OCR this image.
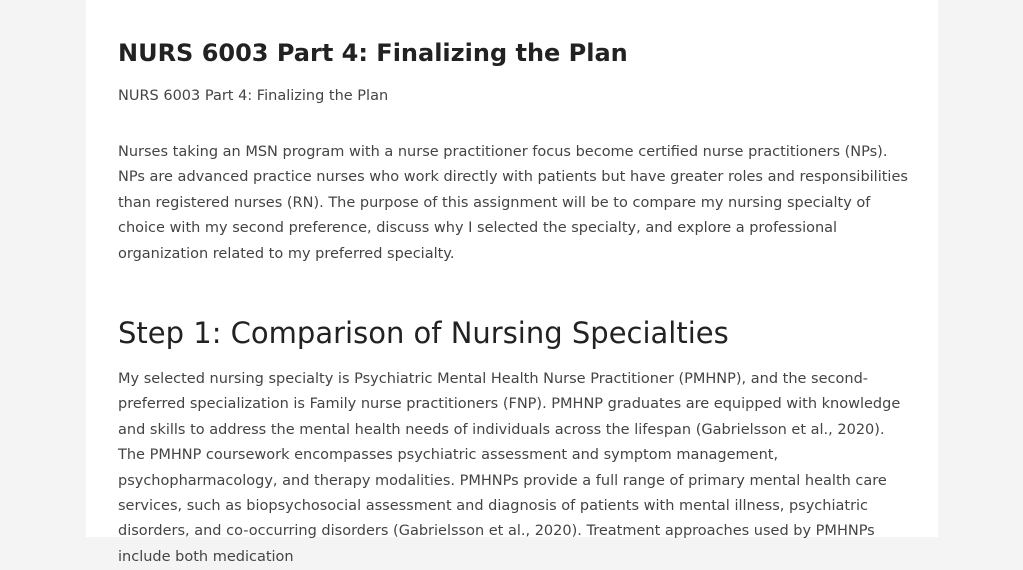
NURS 6003 Part 4: Finalizing the Plan

NURS 6003 Part 4: Finalizing the Plan

Nurses taking an MSN program with a nurse practitioner focus become certified nurse practitioners (NPs). NPs are advanced practice nurses who work directly with patients but have greater roles and responsibilities than registered nurses (RN). The purpose of this assignment will be to compare my nursing specialty of choice with my second preference, discuss why I selected the specialty, and explore a professional organization related to my preferred specialty.

Step 1: Comparison of Nursing Specialties

My selected nursing specialty is Psychiatric Mental Health Nurse Practitioner (PMHNP), and the second-preferred specialization is Family nurse practitioners (FNP). PMHNP graduates are equipped with knowledge and skills to address the mental health needs of individuals across the lifespan (Gabrielsson et al., 2020). The PMHNP coursework encompasses psychiatric assessment and symptom management, psychopharmacology, and therapy modalities. PMHNPs provide a full range of primary mental health care services, such as biopsychosocial assessment and diagnosis of patients with mental illness, psychiatric disorders, and co-occurring disorders (Gabrielsson et al., 2020). Treatment approaches used by PMHNPs include both medication
